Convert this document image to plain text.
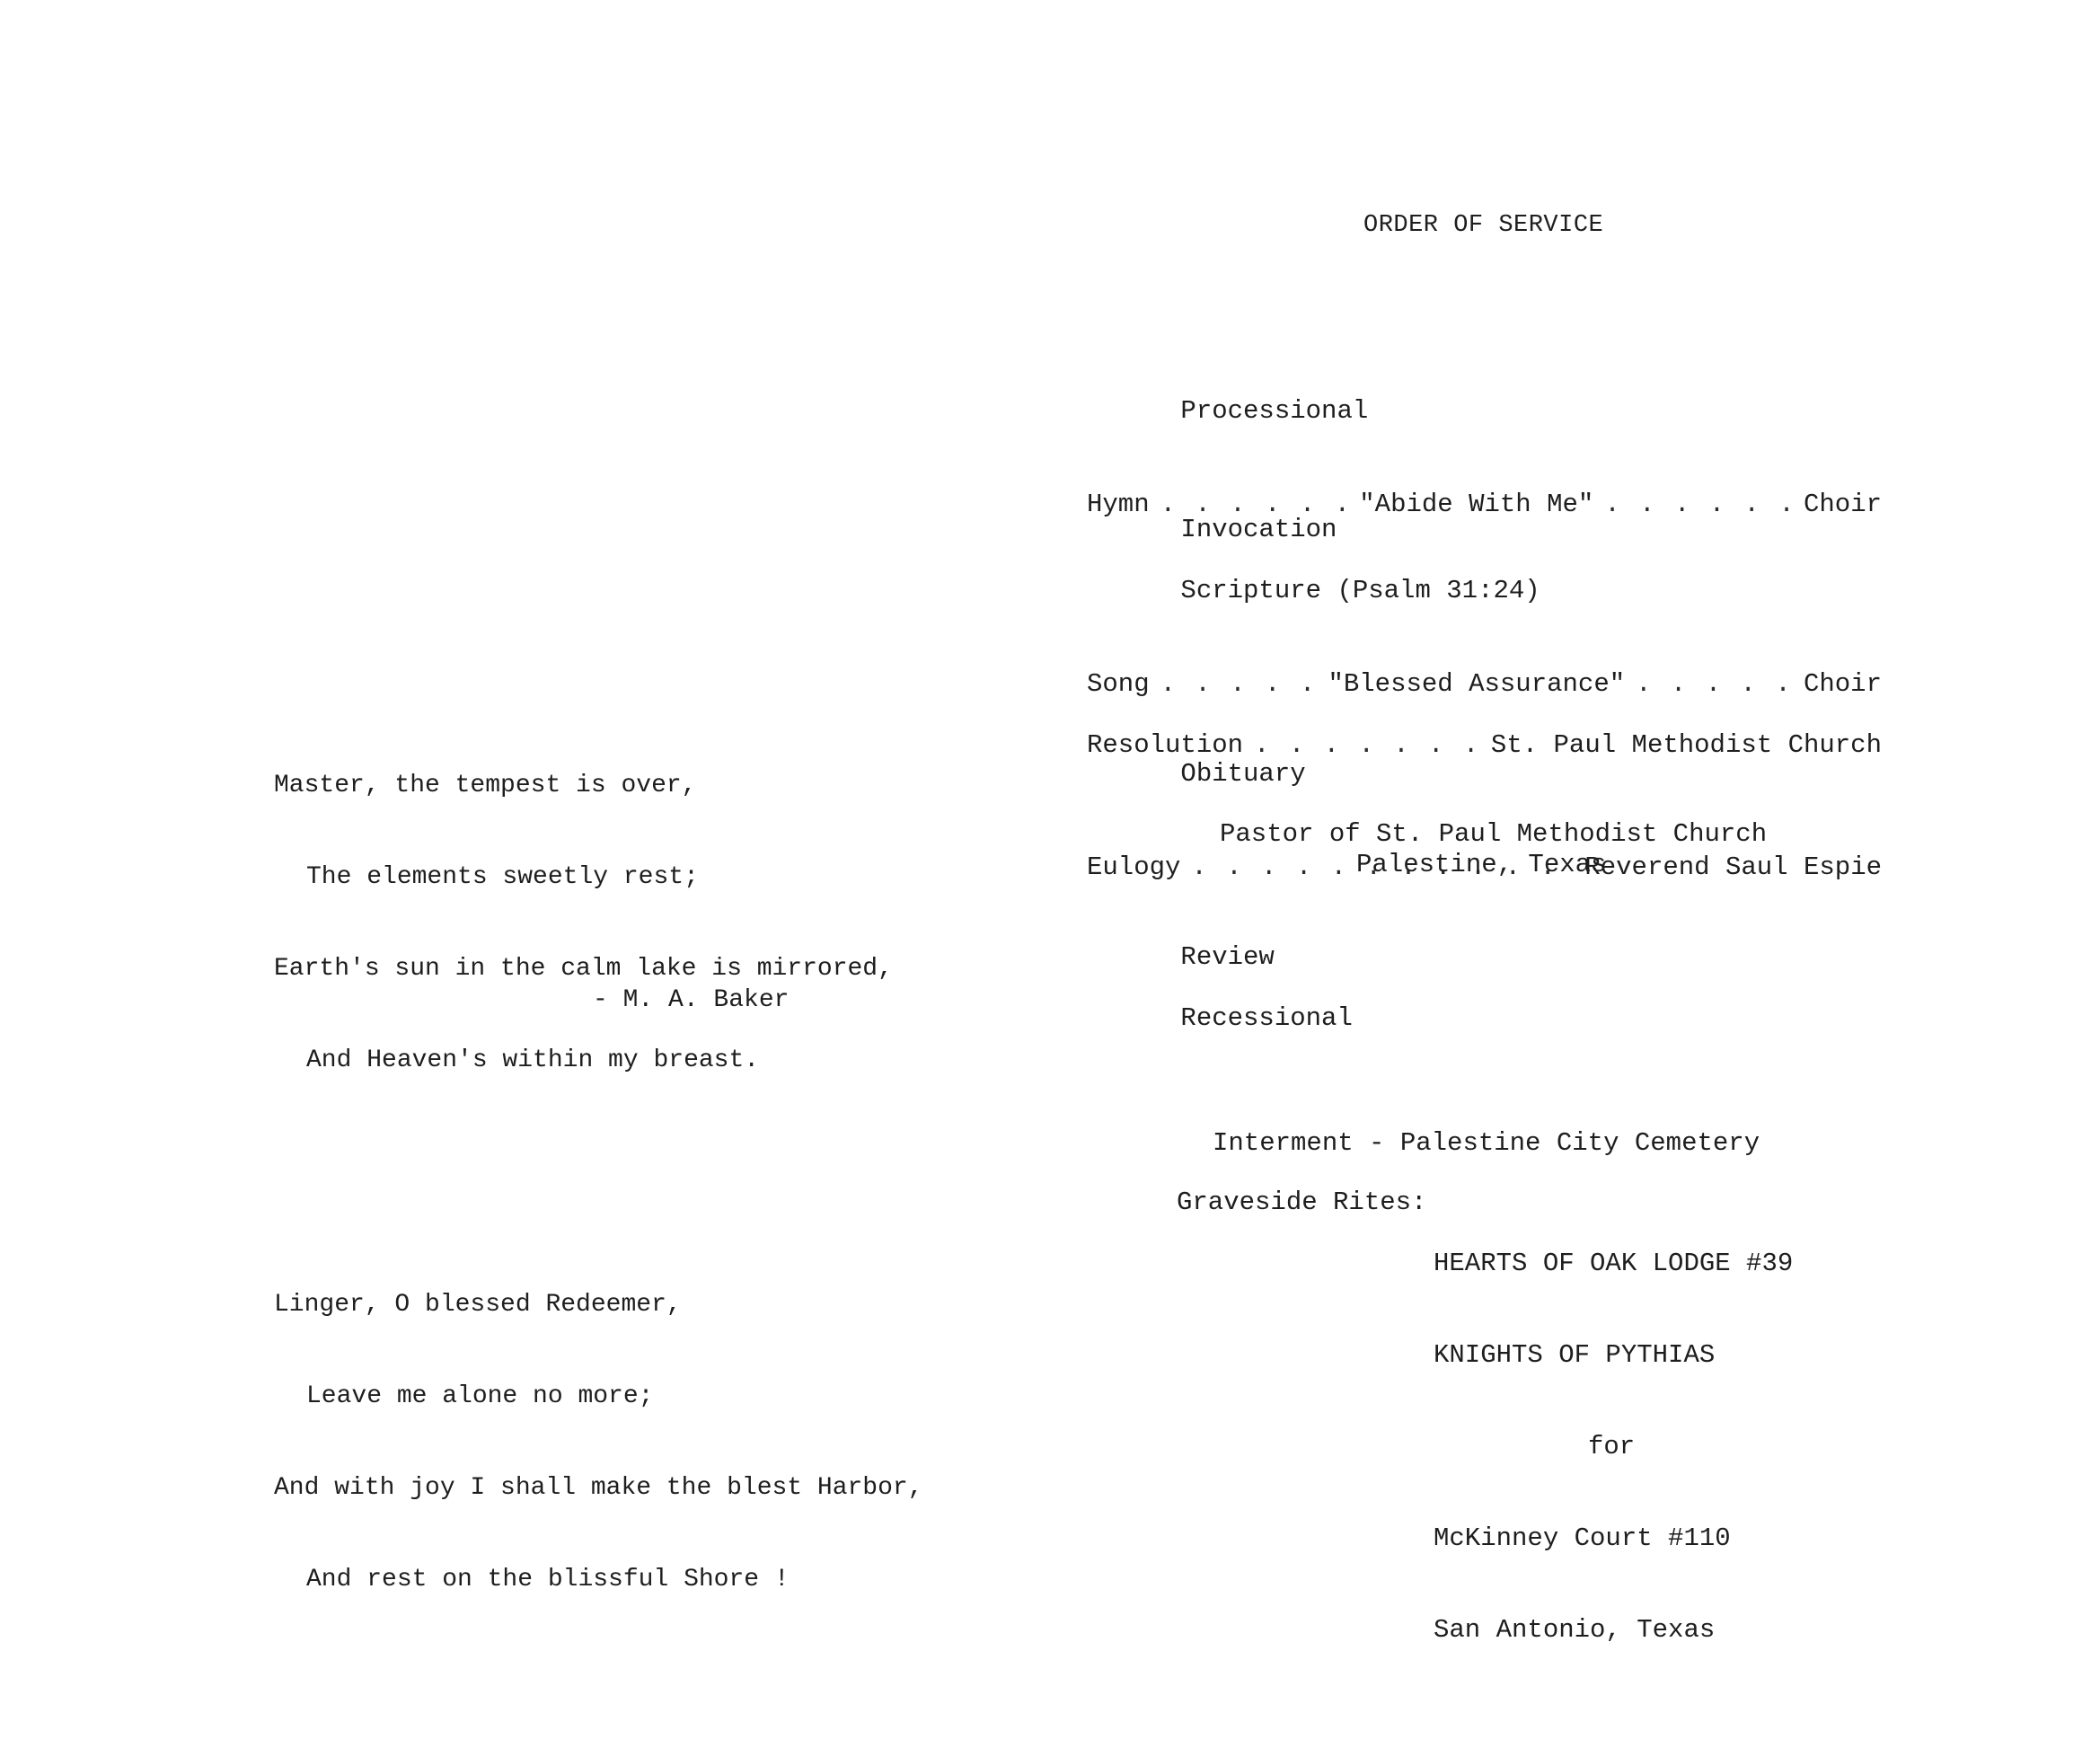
Master, the tempest is over,

The elements sweetly rest;

Earth's sun in the calm lake is mirrored,

And Heaven's within my breast.

Linger, O blessed Redeemer,

Leave me alone no more;

And with joy I shall make the blest Harbor,

And rest on the blissful Shore !

- M. A. Baker
ORDER OF SERVICE

Processional

Hymn . . .	"Abide With Me" . . .	Choir

Invocation

Scripture (Psalm 31:24)

Song . . .	"Blessed Assurance" . . .	Choir

Resolution . . .	St. Paul Methodist Church

Obituary

Eulogy . . .	Reverend Saul Espie

Pastor of St. Paul Methodist Church
Palestine, Texas

Review

Recessional

Interment - Palestine City Cemetery
Graveside Rites:

HEARTS OF OAK LODGE #39

KNIGHTS OF PYTHIAS

for

McKinney Court #110

San Antonio, Texas
